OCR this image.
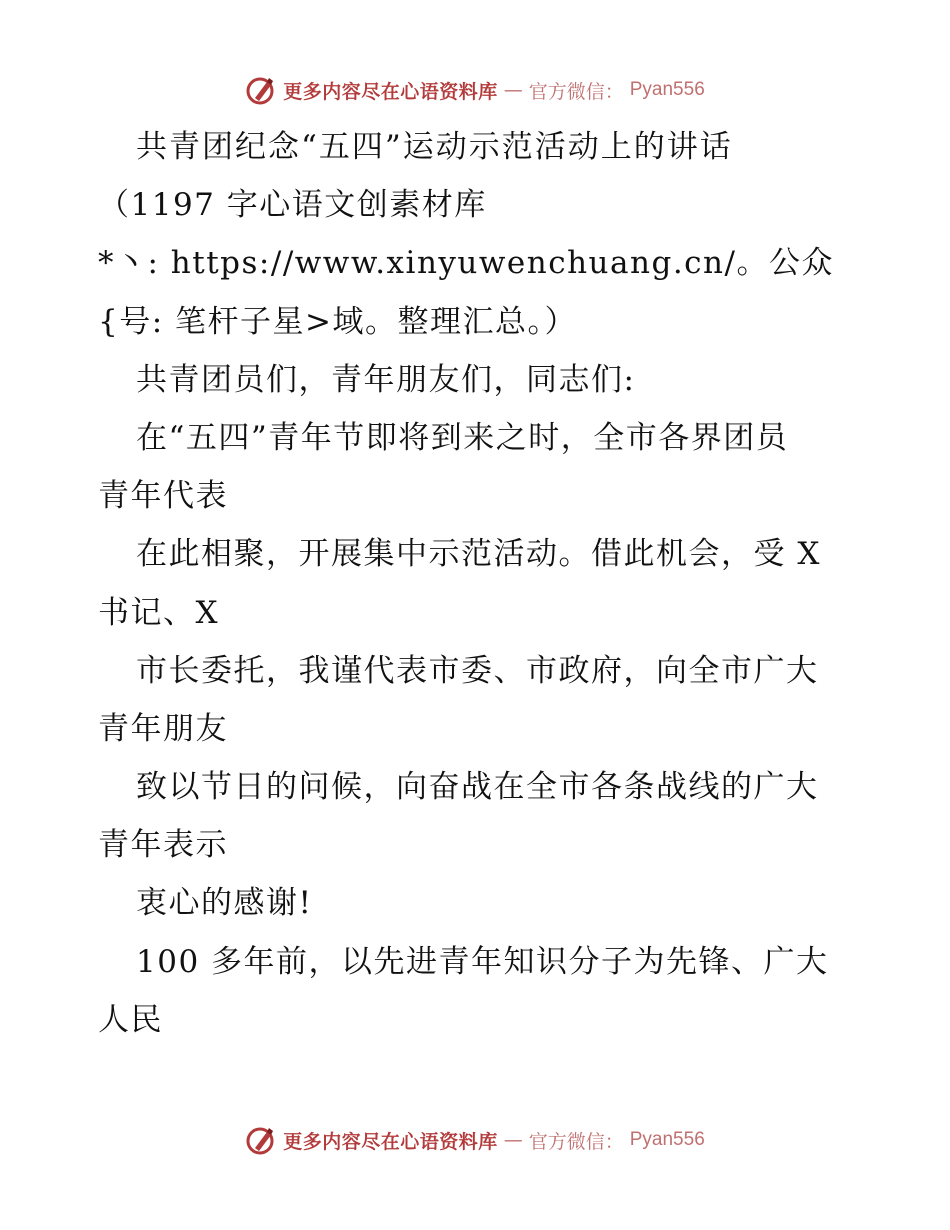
更多内容尽在心语资料库 — 官方微信： Pyan556
共青团纪念“五四”运动示范活动上的讲话
（1197 字心语文创素材库
*丶: https://www.xinyuwenchuang.cn/。公众
{号: 笔杆子星>域。整理汇总。）
共青团员们，青年朋友们，同志们:
在“五四”青年节即将到来之时，全市各界团员
青年代表
在此相聚，开展集中示范活动。借此机会，受 X
书记、X
市长委托，我谨代表市委、市政府，向全市广大
青年朋友
致以节日的问候，向奋战在全市各条战线的广大
青年表示
衷心的感谢!
100 多年前，以先进青年知识分子为先锋、广大
人民
更多内容尽在心语资料库 — 官方微信： Pyan556
